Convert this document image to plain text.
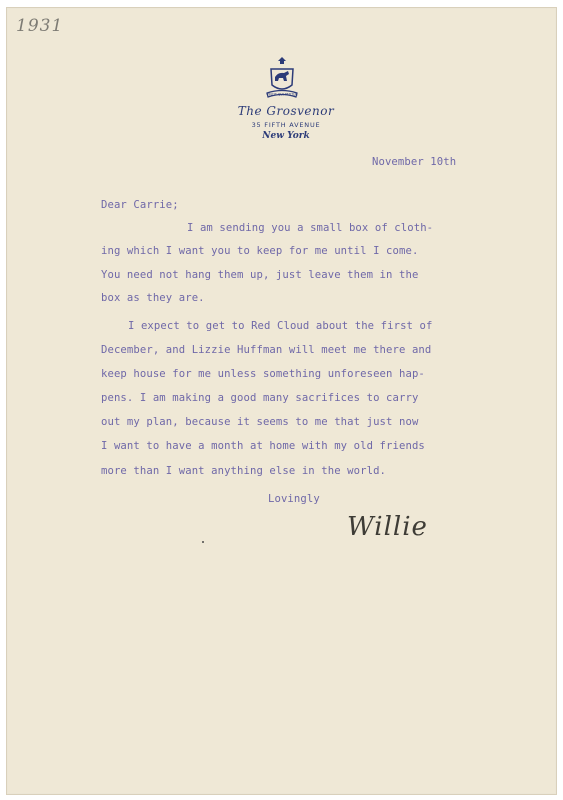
1931
VINCIT QUI PATITUR
The Grosvenor
35 FIFTH AVENUE
New York
November 10th
Dear Carrie;
I am sending you a small box of cloth-
ing which I want you to keep for me until I come.
You need not hang them up, just leave them in the
box as they are.
I expect to get to Red Cloud about the first of
December, and Lizzie Huffman will meet me there and
keep house for me unless something unforeseen hap-
pens. I am making a good many sacrifices to carry
out my plan, because it seems to me that just now
I want to have a month at home with my old friends
more than I want anything else in the world.
Lovingly
Willie
